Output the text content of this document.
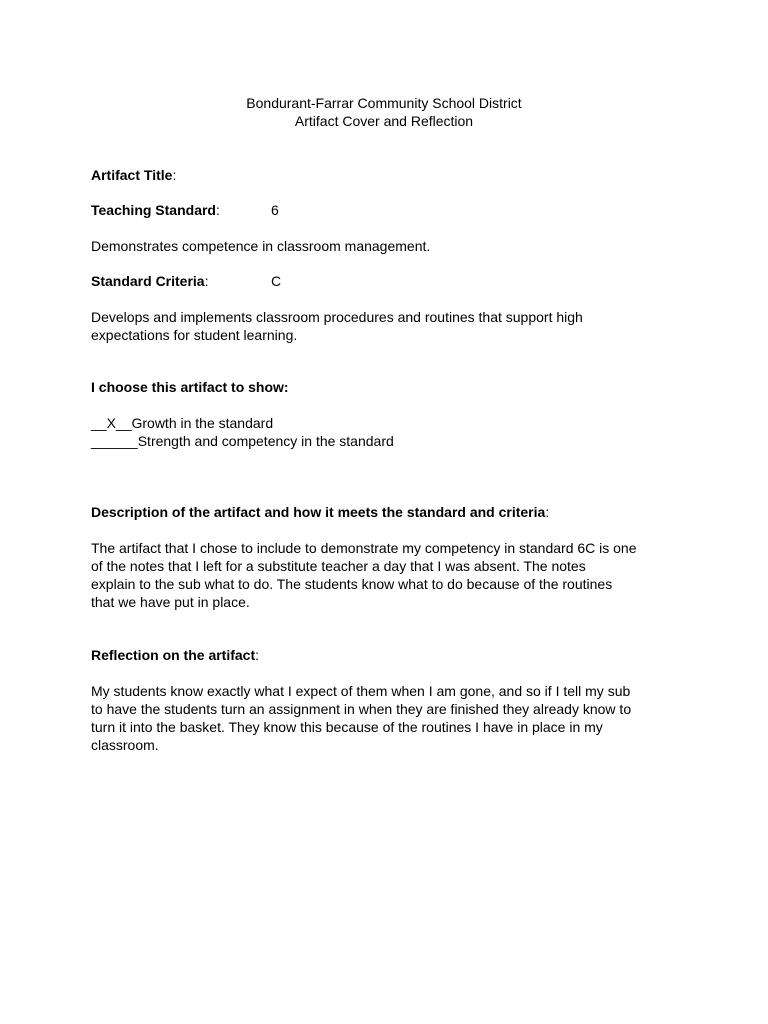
Bondurant-Farrar Community School District
Artifact Cover and Reflection
Artifact Title:
Teaching Standard:	6
Demonstrates competence in classroom management.
Standard Criteria:	C
Develops and implements classroom procedures and routines that support high
expectations for student learning.
I choose this artifact to show:
__X__Growth in the standard
______Strength and competency in the standard
Description of the artifact and how it meets the standard and criteria:
The artifact that I chose to include to demonstrate my competency in standard 6C is one
of the notes that I left for a substitute teacher a day that I was absent. The notes
explain to the sub what to do. The students know what to do because of the routines
that we have put in place.
Reflection on the artifact:
My students know exactly what I expect of them when I am gone, and so if I tell my sub
to have the students turn an assignment in when they are finished they already know to
turn it into the basket. They know this because of the routines I have in place in my
classroom.
